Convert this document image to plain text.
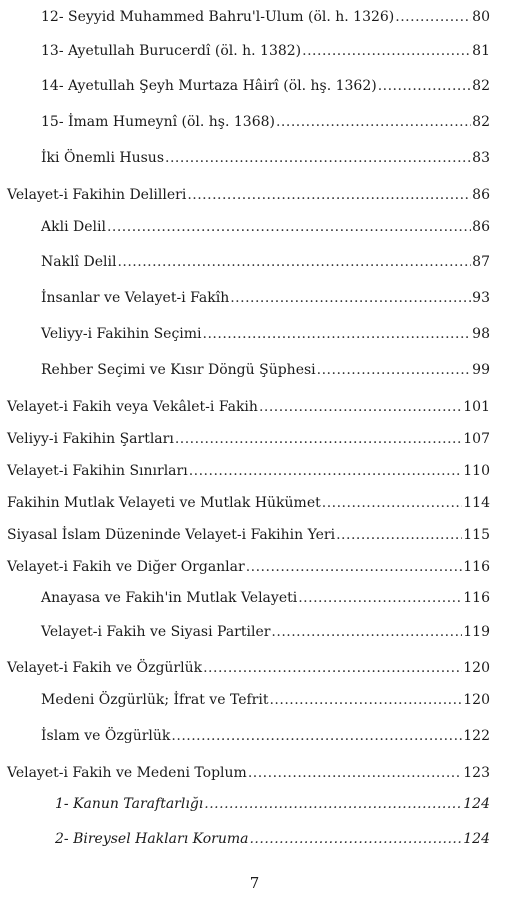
12- Seyyid Muhammed Bahru'l-Ulum (öl. h. 1326) .....	80
13- Ayetullah Burucerdî (öl. h. 1382) .....	81
14- Ayetullah Şeyh Murtaza Hâirî (öl. hş. 1362) .....	82
15- İmam Humeynî (öl. hş. 1368) .....	82
İki Önemli Husus .....	83
Velayet-i Fakihin Delilleri .....	86
Akli Delil .....	86
Naklî Delil .....	87
İnsanlar ve Velayet-i Fakîh .....	93
Veliyy-i Fakihin Seçimi .....	98
Rehber Seçimi ve Kısır Döngü Şüphesi .....	99
Velayet-i Fakih veya Vekâlet-i Fakih .....	101
Veliyy-i Fakihin Şartları .....	107
Velayet-i Fakihin Sınırları .....	110
Fakihin Mutlak Velayeti ve Mutlak Hükümet .....	114
Siyasal İslam Düzeninde Velayet-i Fakihin Yeri .....	115
Velayet-i Fakih ve Diğer Organlar .....	116
Anayasa ve Fakih'in Mutlak Velayeti .....	116
Velayet-i Fakih ve Siyasi Partiler .....	119
Velayet-i Fakih ve Özgürlük .....	120
Medeni Özgürlük; İfrat ve Tefrit .....	120
İslam ve Özgürlük .....	122
Velayet-i Fakih ve Medeni Toplum .....	123
1- Kanun Taraftarlığı .....	124
2- Bireysel Hakları Koruma .....	124
7
